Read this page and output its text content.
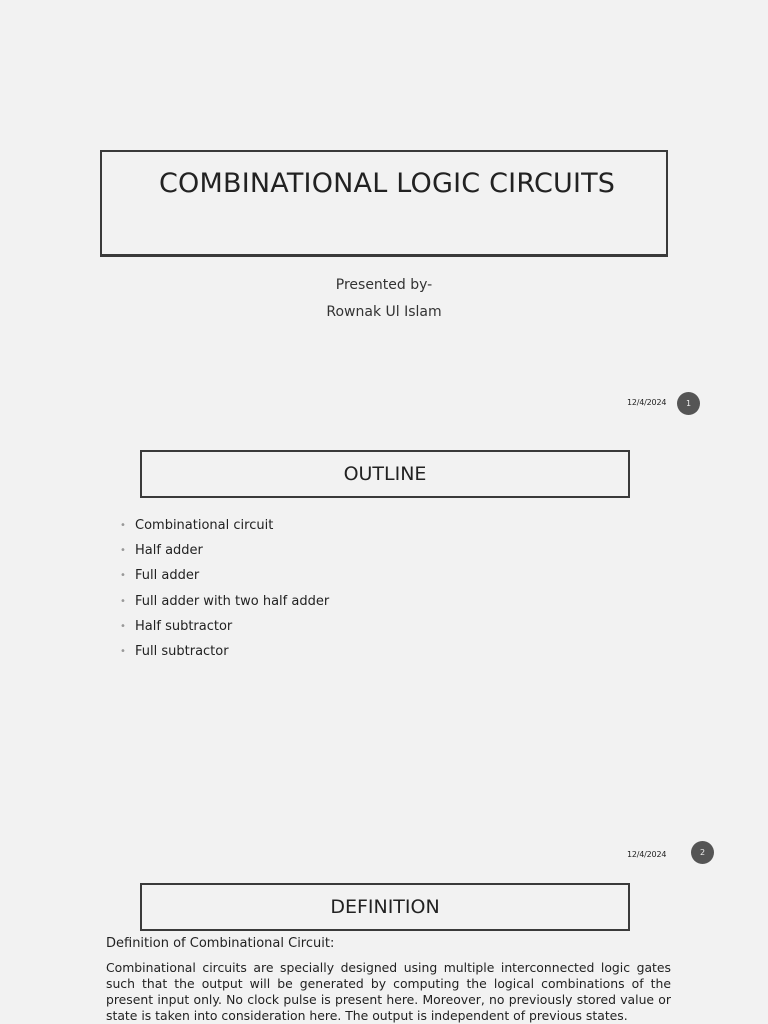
COMBINATIONAL LOGIC CIRCUITS
Presented by-
Rownak Ul Islam
12/4/2024	1
OUTLINE
• Combinational circuit
• Half adder
• Full adder
• Full adder with two half adder
• Half subtractor
• Full subtractor
12/4/2024	2
DEFINITION
Definition of Combinational Circuit:
Combinational circuits are specially designed using multiple interconnected logic gates such that the output will be generated by computing the logical combinations of the present input only. No clock pulse is present here. Moreover, no previously stored value or state is taken into consideration here. The output is independent of previous states.
